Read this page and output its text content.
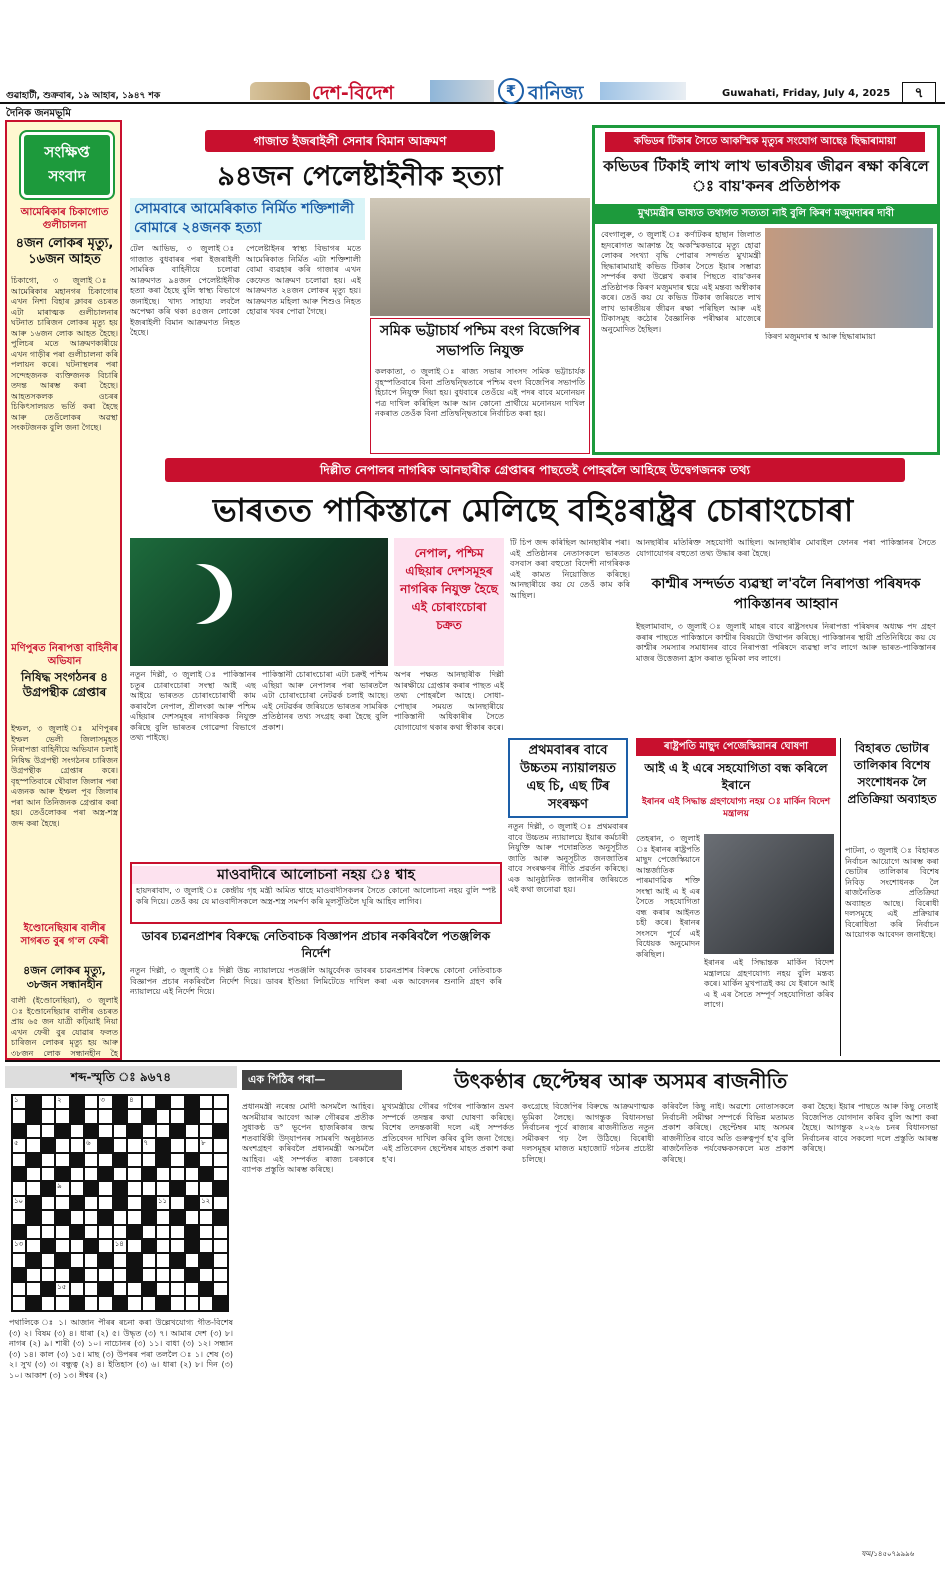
গুৱাহাটী, শুক্ৰবাৰ, ১৯ আহাৰ, ১৯৪৭ শক	দেশ-বিদেশ	₹ বানিজ্য	Guwahati, Friday, July 4, 2025	৭
দৈনিক জনমভূমি
সংক্ষিপ্ত
সংবাদ
আমেৰিকাৰ চিকাগোত গুলীচালনা
৪জন লোকৰ মৃত্যু, ১৬জন আহত
চিকাগো, ৩ জুলাই ঃ আমেৰিকাৰ মহানগৰ চিকাগোৰ এখন নিশা বিহাৰ ক্লাবৰ ওচৰত এটা মাৰাত্মক গুলীচালনাৰ ঘটনাত চাৰিজন লোকৰ মৃত্যু হয় আৰু ১৬জন লোক আহত হৈছে। পুলিচৰ মতে আক্ৰমণকাৰীয়ে এখন গাড়ীৰ পৰা গুলীচালনা কৰি পলায়ন কৰে। ঘটনাস্থলৰ পৰা সন্দেহজনক ব্যক্তিজনক বিচাৰি তদন্ত আৰম্ভ কৰা হৈছে। আহতসকলক ওচৰৰ চিকিৎসালয়ত ভৰ্তি কৰা হৈছে আৰু তেওঁলোকৰ অৱস্থা সংকটজনক বুলি জনা গৈছে।
মণিপুৰত নিৰাপত্তা বাহিনীৰ অভিযান
নিষিদ্ধ সংগঠনৰ ৪ উগ্ৰপন্থীক গ্ৰেপ্তাৰ
ইম্ফল, ৩ জুলাই ঃ মণিপুৰৰ ইম্ফল ভেলী জিলাসমূহত নিৰাপত্তা বাহিনীয়ে অভিযান চলাই নিষিদ্ধ উগ্ৰপন্থী সংগঠনৰ চাৰিজন উগ্ৰপন্থীক গ্ৰেপ্তাৰ কৰে। বৃহস্পতিবাৰে থৌবাল জিলাৰ পৰা এজনক আৰু ইম্ফল পূব জিলাৰ পৰা আন তিনিজনক গ্ৰেপ্তাৰ কৰা হয়। তেওঁলোকৰ পৰা অস্ত্ৰ-শস্ত্ৰ জব্দ কৰা হৈছে।
ইণ্ডোনেছিয়াৰ বালীৰ সাগৰত বুৰ গ'ল ফেৰী
৪জন লোকৰ মৃত্যু, ৩৮জন সন্ধানহীন
বালী (ইণ্ডোনেছিয়া), ৩ জুলাই ঃ ইণ্ডোনেছিয়াৰ বালীৰ ওচৰত প্ৰায় ৬৫ জন যাত্ৰী কঢ়িয়াই নিয়া এখন ফেৰী বুৰ যোৱাৰ ফলত চাৰিজন লোকৰ মৃত্যু হয় আৰু ৩৮জন লোক সন্ধানহীন হৈ
গাজাত ইজৰাইলী সেনাৰ বিমান আক্ৰমণ
৯৪জন পেলেষ্টাইনীক হত্যা
সোমবাৰে আমেৰিকাত নিৰ্মিত শক্তিশালী বোমাৰে ২৪জনক হত্যা
টেল আভিভ, ৩ জুলাই ঃ গাজাত বুধবাৰৰ পৰা ইজৰাইলী সামৰিক বাহিনীয়ে চলোৱা আক্ৰমণত ৯৪জন পেলেষ্টাইনীক হত্যা কৰা হৈছে বুলি স্বাস্থ্য বিভাগে জনাইছে। খাদ্য সাহায্য লবলৈ অপেক্ষা কৰি থকা ৪৫জন লোকো ইজৰাইলী বিমান আক্ৰমণত নিহত হৈছে।
পেলেষ্টাইনৰ স্বাস্থ্য বিভাগৰ মতে আমেৰিকাত নিৰ্মিত এটা শক্তিশালী বোমা ব্যৱহাৰ কৰি গাজাৰ এখন কেফেত আক্ৰমণ চলোৱা হয়। এই আক্ৰমণত ২৪জন লোকৰ মৃত্যু হয়। আক্ৰমণত মহিলা আৰু শিশুও নিহত হোৱাৰ খবৰ পোৱা গৈছে।
সমিক ভট্টাচাৰ্য পশ্চিম বংগ বিজেপিৰ সভাপতি নিযুক্ত
কলকাতা, ৩ জুলাই ঃ ৰাজ্য সভাৰ সাংসদ সমিক ভট্টাচাৰ্যক বৃহস্পতিবাৰে বিনা প্ৰতিদ্বন্দ্বিতাৰে পশ্চিম বংগ বিজেপিৰ সভাপতি হিচাপে নিযুক্ত দিয়া হয়। বুধবাৰে তেওঁয়ে এই পদৰ বাবে মনোনয়ন পত্ৰ দাখিল কৰিছিল আৰু আন কোনো প্ৰাৰ্থীয়ে মনোনয়ন দাখিল নকৰাত তেওঁক বিনা প্ৰতিদ্বন্দ্বিতাৰে নিৰ্বাচিত কৰা হয়।
কভিডৰ টিকাৰ সৈতে আকস্মিক মৃত্যুৰ সংযোগ আছেঃ ছিদ্ধাৰামায়া
কভিডৰ টিকাই লাখ লাখ ভাৰতীয়ৰ জীৱন ৰক্ষা কৰিলে ঃ বায়'কনৰ প্ৰতিষ্ঠাপক
মুখ্যমন্ত্ৰীৰ ভাষ্যত তথ্যগত সত্যতা নাই বুলি কিৰণ মজুমদাৰৰ দাবী
বেংগালুৰু, ৩ জুলাই ঃ কৰ্ণাটকৰ হাছান জিলাত হৃদৰোগত আক্ৰান্ত হৈ অকস্মিকভাৱে মৃত্যু হোৱা লোকৰ সংখ্যা বৃদ্ধি পোৱাৰ সন্দৰ্ভত মুখ্যমন্ত্ৰী ছিদ্ধাৰামায়াই কভিড টিকাৰ সৈতে ইয়াৰ সম্ভাৱ্য সম্পৰ্কৰ কথা উল্লেখ কৰাৰ পিছতে বায়'কনৰ প্ৰতিষ্ঠাপক কিৰণ মজুমদাৰ শ্বয়ে এই মন্তব্য অস্বীকাৰ কৰে। তেওঁ কয় যে কভিড টিকাৰ জৰিয়তে লাখ লাখ ভাৰতীয়ৰ জীৱন ৰক্ষা পৰিছিল আৰু এই টিকাসমূহ কঠোৰ বৈজ্ঞানিক পৰীক্ষাৰ মাজেৰে অনুমোদিত হৈছিল।
কিৰণ মজুমদাৰ শ্ব আৰু ছিদ্ধাৰামায়া
দিল্লীত নেপালৰ নাগৰিক আনছাৰীক গ্ৰেপ্তাৰৰ পাছতেই পোহৰলৈ আহিছে উদ্বেগজনক তথ্য
ভাৰতত পাকিস্তানে মেলিছে বহিঃৰাষ্ট্ৰৰ চোৰাংচোৰা
নেপাল, পশ্চিম এছিয়াৰ দেশসমূহৰ নাগৰিক নিযুক্ত হৈছে এই চোৰাংচোৰা চক্ৰত
নতুন দিল্লী, ৩ জুলাই ঃ পাকিস্তানৰ চতুৰ চোৰাংচোৰা সংস্থা আই এছ আইয়ে ভাৰতত চোৰাংচোৰাৰ্থী কাম কৰাবলৈ নেপাল, শ্ৰীলংকা আৰু পশ্চিম এছিয়াৰ দেশসমূহৰ নাগৰিকক নিযুক্ত কৰিছে বুলি ভাৰতৰ গোৱেন্দা বিভাগে তথ্য পাইছে।
পাকিস্তানী চোৰাংচোৰা এটা চক্ৰই পশ্চিম এছিয়া আৰু নেপালৰ পৰা ভাৰতলৈ এটা চোৰাংচোৰা নেটৱৰ্ক চলাই আছে। এই নেটৱৰ্কৰ জৰিয়তে ভাৰতৰ সামৰিক প্ৰতিষ্ঠানৰ তথ্য সংগ্ৰহ কৰা হৈছে বুলি প্ৰকাশ।
অপৰ পক্ষত আনছাৰীক দিল্লী আৰক্ষীয়ে গ্ৰেপ্তাৰ কৰাৰ পাছত এই তথ্য পোহৰলৈ আহে। সোধা-পোছাৰ সময়ত আনছাৰীয়ে পাকিস্তানী অধিকাৰীৰ সৈতে যোগাযোগ থকাৰ কথা স্বীকাৰ কৰে।
টি চিপ জব্দ কৰিছিল আনছাৰীৰ পৰা। এই প্ৰতিষ্ঠানৰ নেতাসকলে ভাৰতত বসবাস কৰা বহুতো বিদেশী নাগৰিকক এই কামত নিয়োজিত কৰিছে। আনছাৰীয়ে কয় যে তেওঁ কাম কৰি আছিল।
আনছাৰীৰ মতিৰিক্ত সহযোগী আছিল। আনছাৰীৰ মোবাইল ফোনৰ পৰা পাকিস্তানৰ সৈতে যোগাযোগৰ বহুতো তথ্য উদ্ধাৰ কৰা হৈছে।
কাশ্মীৰ সন্দৰ্ভত ব্যৱস্থা ল'বলৈ নিৰাপত্তা পৰিষদক পাকিস্তানৰ আহ্বান
ইছলামাবাদ, ৩ জুলাই ঃ জুলাই মাহৰ বাবে ৰাষ্ট্ৰসংঘৰ নিৰাপত্তা পৰিষদৰ অধ্যক্ষ পদ গ্ৰহণ কৰাৰ পাছতে পাকিস্তানে কাশ্মীৰ বিষয়টো উত্থাপন কৰিছে। পাকিস্তানৰ স্থায়ী প্ৰতিনিধিয়ে কয় যে কাশ্মীৰ সমস্যাৰ সমাধানৰ বাবে নিৰাপত্তা পৰিষদে ব্যৱস্থা ল'ব লাগে আৰু ভাৰত-পাকিস্তানৰ মাজৰ উত্তেজনা হ্ৰাস কৰাত ভূমিকা লব লাগে।
মাওবাদীৰে আলোচনা নহয় ঃ শ্বাহ
হায়দৰাবাদ, ৩ জুলাই ঃ কেন্দ্ৰীয় গৃহ মন্ত্ৰী অমিত শ্বাহে মাওবাদীসকলৰ সৈতে কোনো আলোচনা নহয় বুলি স্পষ্ট কৰি দিয়ে। তেওঁ কয় যে মাওবাদীসকলে অস্ত্ৰ-শস্ত্ৰ সমৰ্পণ কৰি মূলসুঁতিলৈ ঘূৰি আহিব লাগিব।
ডাবৰ চ্যৱনপ্ৰাশৰ বিৰুদ্ধে নেতিবাচক বিজ্ঞাপন প্ৰচাৰ নকৰিবলৈ পতঞ্জলিক নিৰ্দেশ
নতুন দিল্লী, ৩ জুলাই ঃ দিল্লী উচ্চ ন্যায়ালয়ে পতঞ্জলি আয়ুৰ্বেদক ডাবৰৰ চ্যৱনপ্ৰাশৰ বিৰুদ্ধে কোনো নেতিবাচক বিজ্ঞাপন প্ৰচাৰ নকৰিবলৈ নিৰ্দেশ দিয়ে। ডাবৰ ইণ্ডিয়া লিমিটেডে দাখিল কৰা এক আবেদনৰ শুনানি গ্ৰহণ কৰি ন্যায়ালয়ে এই নিৰ্দেশ দিয়ে।
প্ৰথমবাৰৰ বাবে উচ্চতম ন্যায়ালয়ত এছ চি, এছ টিৰ সংৰক্ষণ
নতুন দিল্লী, ৩ জুলাই ঃ প্ৰথমবাৰৰ বাবে উচ্চতম ন্যায়ালয়ে ইয়াৰ কৰ্মচাৰী নিযুক্তি আৰু পদোন্নতিত অনুসূচীত জাতি আৰু অনুসূচীত জনজাতিৰ বাবে সংৰক্ষণৰ নীতি প্ৰৱৰ্তন কৰিছে। এক আনুষ্ঠানিক জাননীৰ জৰিয়তে এই কথা জনোৱা হয়।
ৰাষ্ট্ৰপতি মাছুদ পেজেস্কিয়ানৰ ঘোষণা
আই এ ই এৰে সহযোগিতা বন্ধ কৰিলে ইৰানে
ইৰানৰ এই সিদ্ধান্ত গ্ৰহণযোগ্য নহয় ঃ মাৰ্কিন বিদেশ মন্ত্ৰালয়
তেহৰান, ৩ জুলাই ঃ ইৰানৰ ৰাষ্ট্ৰপতি মাছুদ পেজেস্কিয়ানে আন্তৰ্জাতিক পাৰমাণৱিক শক্তি সংস্থা আই এ ই এৰ সৈতে সহযোগিতা বন্ধ কৰাৰ আইনত চহী কৰে। ইৰানৰ সংসদে পূৰ্বে এই বিধেয়ক অনুমোদন কৰিছিল।
ইৰানৰ এই সিদ্ধান্তক মাৰ্কিন বিদেশ মন্ত্ৰালয়ে গ্ৰহণযোগ্য নহয় বুলি মন্তব্য কৰে। মাৰ্কিন মুখপাত্ৰই কয় যে ইৰানে আই এ ই এৰ সৈতে সম্পূৰ্ণ সহযোগিতা কৰিব লাগে।
বিহাৰত ভোটাৰ তালিকাৰ বিশেষ সংশোধনক লৈ প্ৰতিক্ৰিয়া অব্যাহত
পাটনা, ৩ জুলাই ঃ বিহাৰত নিৰ্বাচন আয়োগে আৰম্ভ কৰা ভোটাৰ তালিকাৰ বিশেষ নিবিড় সংশোধনক লৈ ৰাজনৈতিক প্ৰতিক্ৰিয়া অব্যাহত আছে। বিৰোধী দলসমূহে এই প্ৰক্ৰিয়াৰ বিৰোধিতা কৰি নিৰ্বাচন আয়োগক আবেদন জনাইছে।
শব্দ-স্মৃতি ঃ ৯৬৭৪
১	২	৩	৪
৫	৬	৭	৮
৯
১০	১১	১২
১৩	১৪
১৫
পথালিকে ঃ ১। আজান পীৰৰ ৰচনা কৰা উল্লেখযোগ্য গীত-বিশেষ (৩) ২। বিষম (৩) ৪। ধাৰা (২) ৫। উদ্ধৃত (৩) ৭। আমাৰ দেশ (৩) ৮। নাগৰ (২) ৯। শাৰী (৩) ১০। নাচোনৰ (৩) ১১। বাধা (৩) ১২। সন্ধান (৩) ১৪। কাল (৩) ১৫। মাছ (৩) উপৰৰ পৰা তললৈ ঃ ১। শেষ (৩) ২। সুখ (৩) ৩। বন্ধুত্ব (২) ৪। ইতিহাস (৩) ৬। ধাৰা (২) ৮। দিন (৩) ১০। আকাশ (৩) ১৩। ঈশ্বৰ (২)
এক পিঠিৰ পৰা—	উৎকণ্ঠাৰ ছেপ্টেম্বৰ আৰু অসমৰ ৰাজনীতি
প্ৰধানমন্ত্ৰী নৰেন্দ্ৰ মোদী অসমলৈ আহিব। অসমীয়াৰ আবেগ আৰু গৌৰৱৰ প্ৰতীক সুধাকণ্ঠ ড° ভূপেন হাজৰিকাৰ জন্ম শতবাৰ্ষিকী উদ্‌যাপনৰ সামৰণি অনুষ্ঠানত অংশগ্ৰহণ কৰিবলৈ প্ৰধানমন্ত্ৰী অসমলৈ আহিব। এই সম্পৰ্কত ৰাজ্য চৰকাৰে ব্যাপক প্ৰস্তুতি আৰম্ভ কৰিছে।
মুখ্যমন্ত্ৰীয়ে গৌৰৱ গগৈৰ পাকিস্তান ভ্ৰমণ সম্পৰ্কে তদন্তৰ কথা ঘোষণা কৰিছে। বিশেষ তদন্তকাৰী দলে এই সম্পৰ্কত প্ৰতিবেদন দাখিল কৰিব বুলি জনা গৈছে। এই প্ৰতিবেদন ছেপ্টেম্বৰ মাহত প্ৰকাশ কৰা হ'ব।
কংগ্ৰেছে বিজেপিৰ বিৰুদ্ধে আক্ৰমণাত্মক ভূমিকা লৈছে। আগন্তুক বিধানসভা নিৰ্বাচনৰ পূৰ্বে ৰাজ্যৰ ৰাজনীতিত নতুন সমীকৰণ গঢ় লৈ উঠিছে। বিৰোধী দলসমূহৰ মাজত মহাজোট গঠনৰ প্ৰচেষ্টা চলিছে।
কৰিবলৈ কিছু নাই। অৱশ্যে নোতাসকলে নিৰ্বাচনী সমীক্ষা সম্পৰ্কে বিভিন্ন মতামত প্ৰকাশ কৰিছে। ছেপ্টেম্বৰ মাহ অসমৰ ৰাজনীতিৰ বাবে অতি গুৰুত্বপূৰ্ণ হ'ব বুলি ৰাজনৈতিক পৰ্যবেক্ষকসকলে মত প্ৰকাশ কৰিছে।
কৰা হৈছে। ইয়াৰ পাছতে আৰু কিছু নেতাই বিজেপিত যোগদান কৰিব বুলি আশা কৰা হৈছে। আগন্তুক ২০২৬ চনৰ বিধানসভা নিৰ্বাচনৰ বাবে সকলো দলে প্ৰস্তুতি আৰম্ভ কৰিছে।
ফম/১৪৫০৭৯৯৯৬
